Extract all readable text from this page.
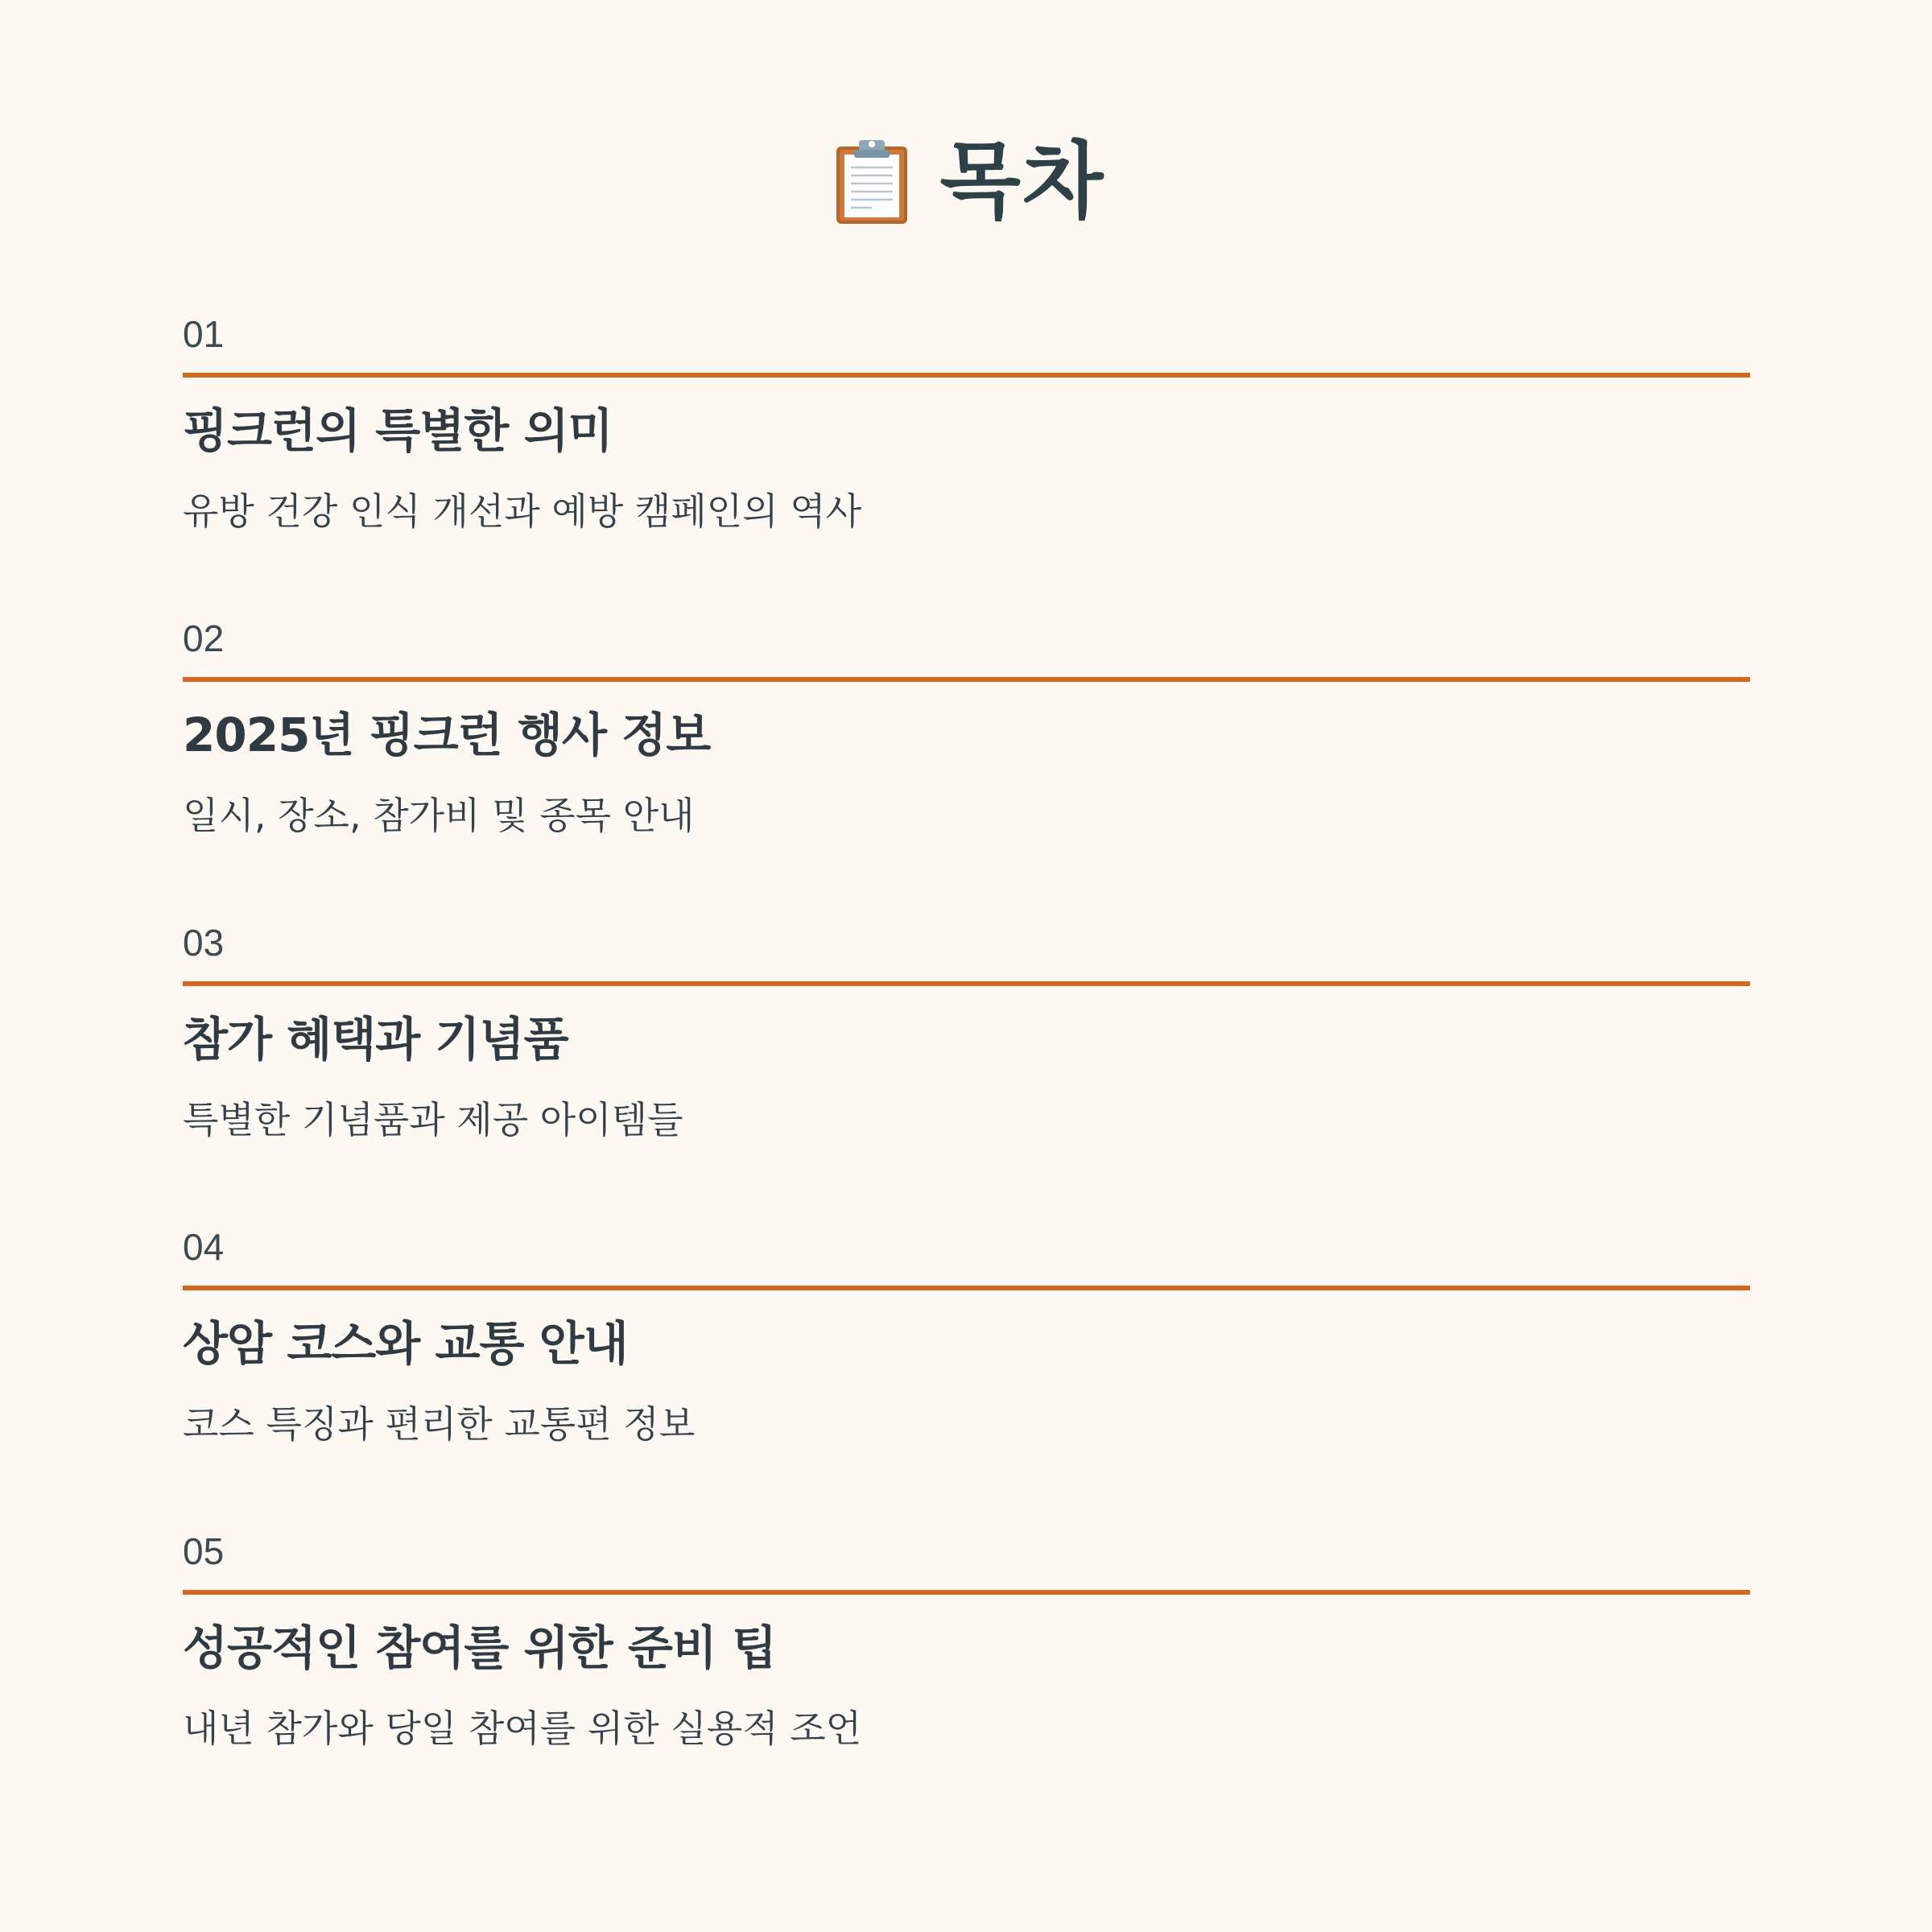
목차
01
핑크런의 특별한 의미
유방 건강 인식 개선과 예방 캠페인의 역사
02
2025년 핑크런 행사 정보
일시, 장소, 참가비 및 종목 안내
03
참가 혜택과 기념품
특별한 기념품과 제공 아이템들
04
상암 코스와 교통 안내
코스 특징과 편리한 교통편 정보
05
성공적인 참여를 위한 준비 팁
내년 참가와 당일 참여를 위한 실용적 조언
